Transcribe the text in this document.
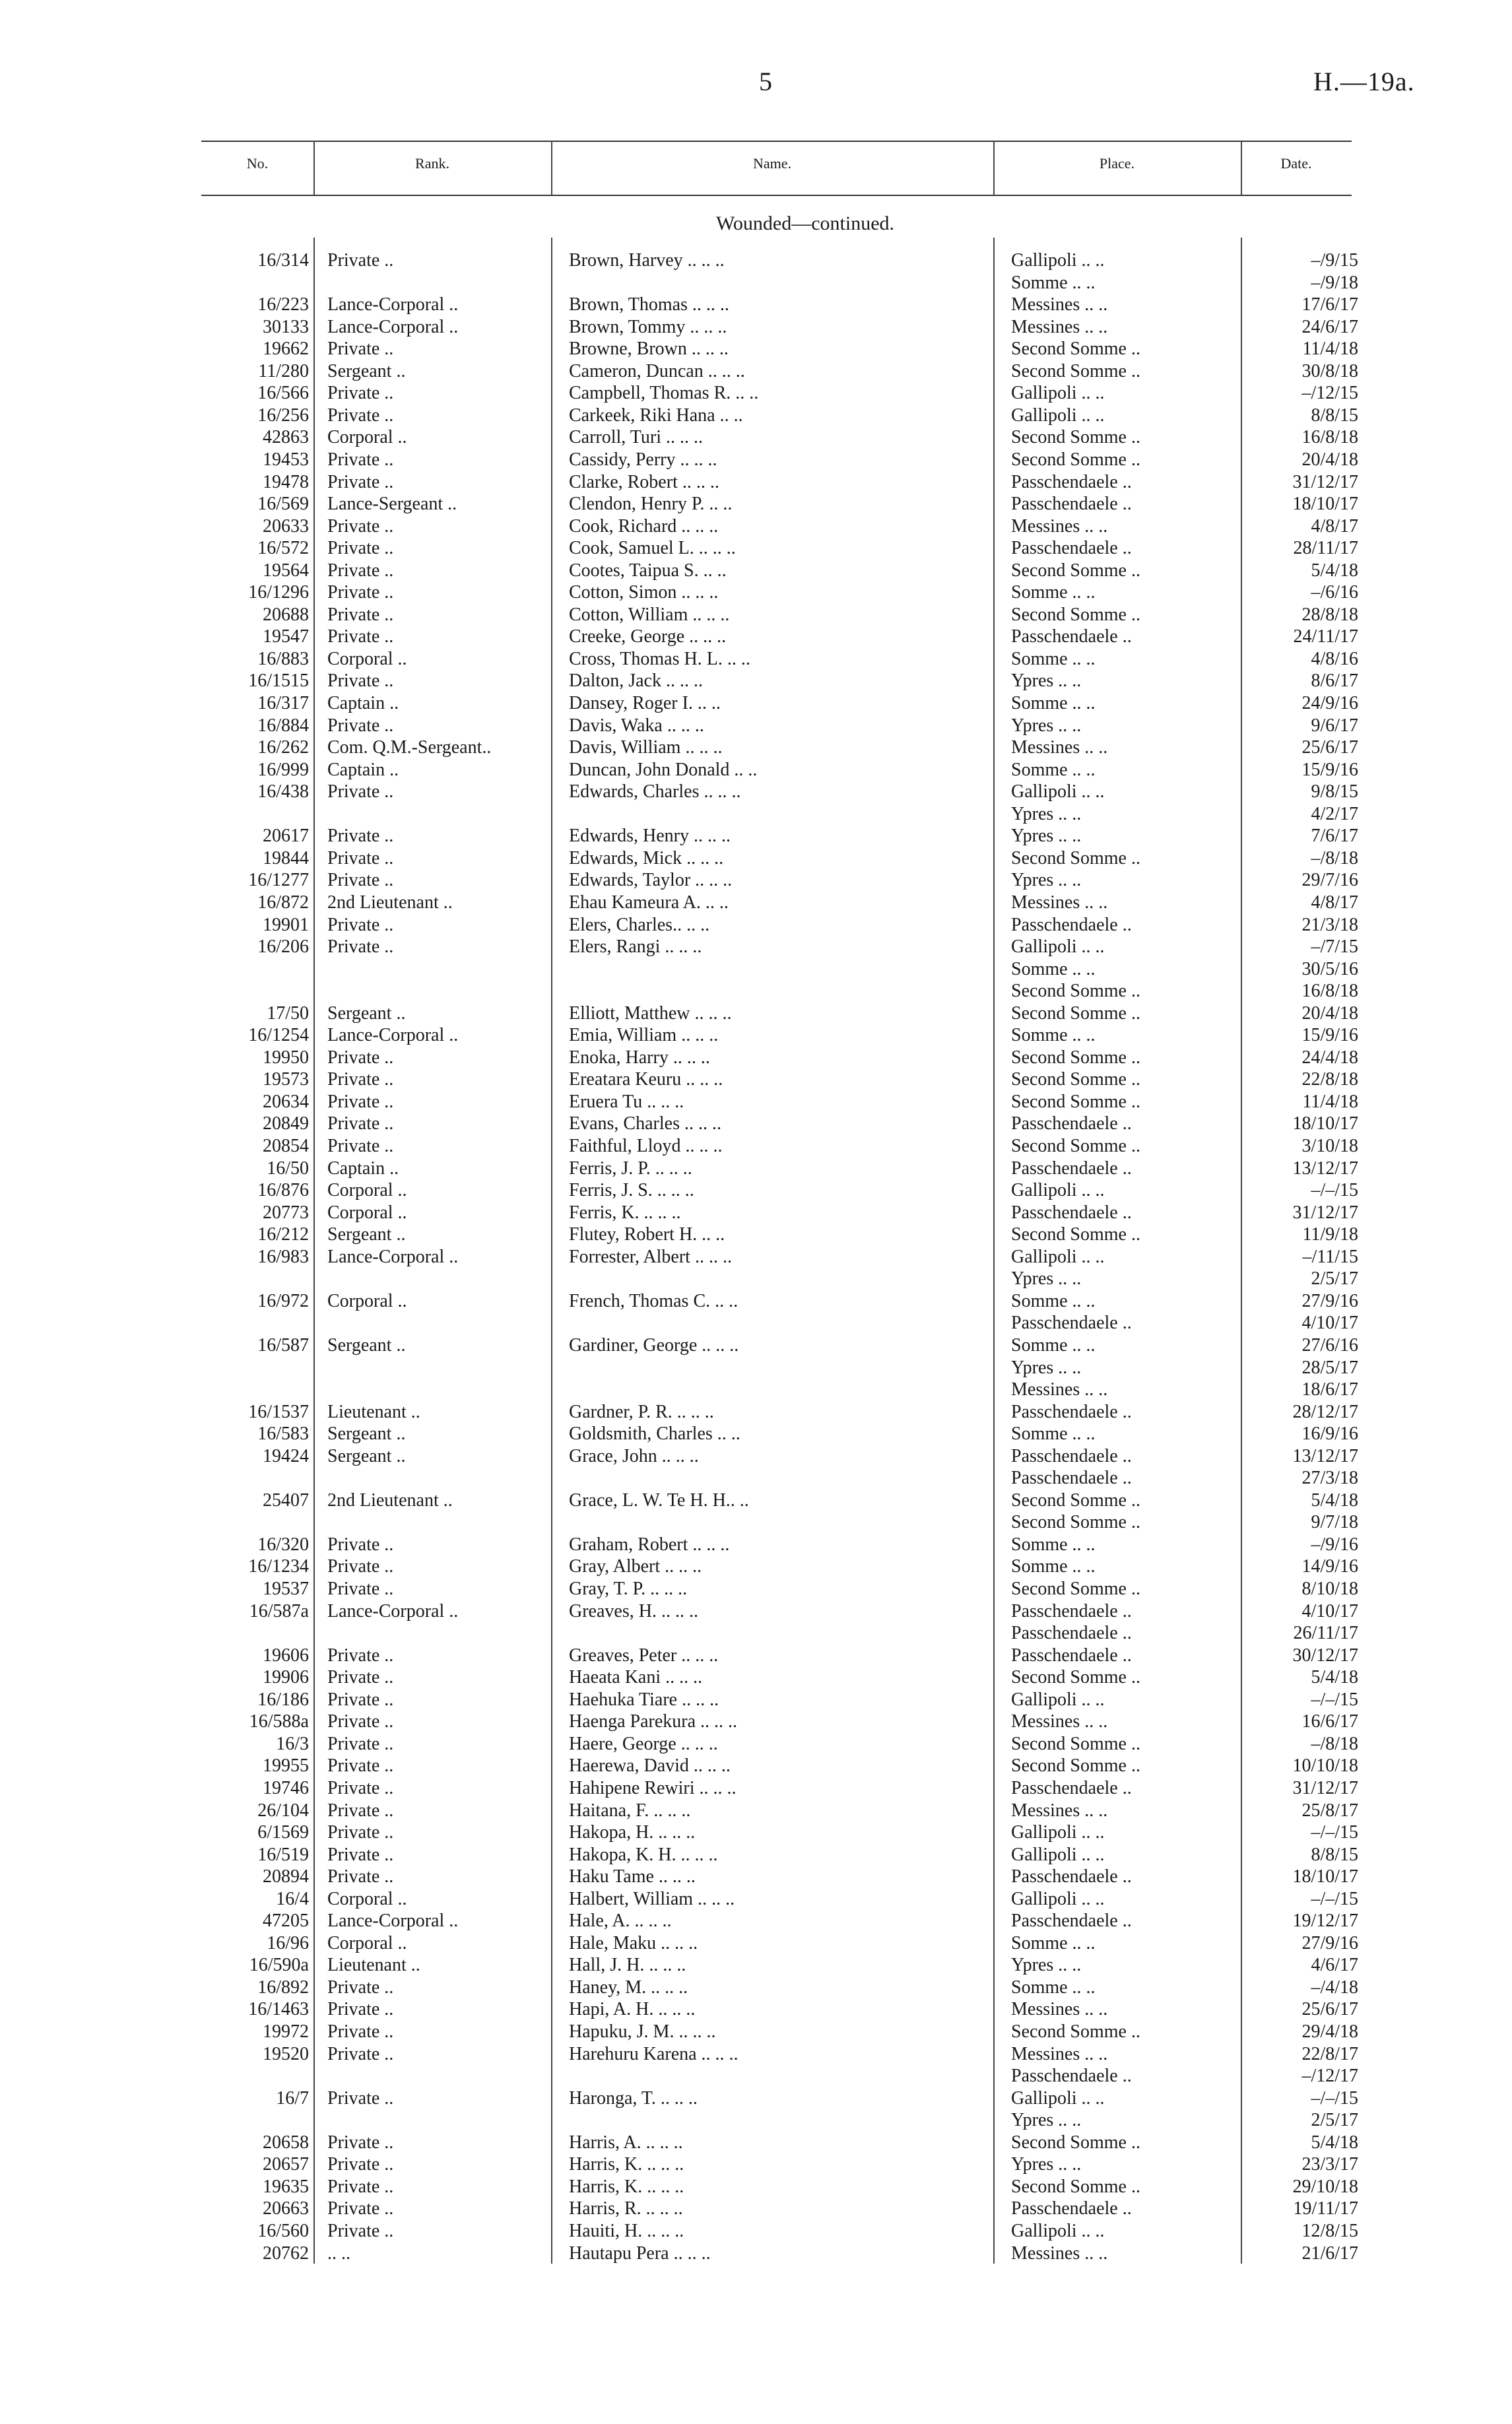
5	H.—19a.
No.	Rank.	Name.	Place.	Date.
Wounded—continued.
16/314 Private ..	Brown, Harvey .. .. ..	Gallipoli .. ..	–/9/15
Somme .. ..	–/9/18
16/223 Lance-Corporal ..	Brown, Thomas .. .. ..	Messines .. ..	17/6/17
30133 Lance-Corporal ..	Brown, Tommy .. .. ..	Messines .. ..	24/6/17
19662 Private ..	Browne, Brown .. .. ..	Second Somme ..	11/4/18
11/280 Sergeant ..	Cameron, Duncan .. .. ..	Second Somme ..	30/8/18
16/566 Private ..	Campbell, Thomas R. .. ..	Gallipoli .. ..	–/12/15
16/256 Private ..	Carkeek, Riki Hana .. ..	Gallipoli .. ..	8/8/15
42863 Corporal ..	Carroll, Turi .. .. ..	Second Somme ..	16/8/18
19453 Private ..	Cassidy, Perry .. .. ..	Second Somme ..	20/4/18
19478 Private ..	Clarke, Robert .. .. ..	Passchendaele ..	31/12/17
16/569 Lance-Sergeant ..	Clendon, Henry P. .. ..	Passchendaele ..	18/10/17
20633 Private ..	Cook, Richard .. .. ..	Messines .. ..	4/8/17
16/572 Private ..	Cook, Samuel L. .. .. ..	Passchendaele ..	28/11/17
19564 Private ..	Cootes, Taipua S. .. ..	Second Somme ..	5/4/18
16/1296 Private ..	Cotton, Simon .. .. ..	Somme .. ..	–/6/16
20688 Private ..	Cotton, William .. .. ..	Second Somme ..	28/8/18
19547 Private ..	Creeke, George .. .. ..	Passchendaele ..	24/11/17
16/883 Corporal ..	Cross, Thomas H. L. .. ..	Somme .. ..	4/8/16
16/1515 Private ..	Dalton, Jack .. .. ..	Ypres .. ..	8/6/17
16/317 Captain ..	Dansey, Roger I. .. ..	Somme .. ..	24/9/16
16/884 Private ..	Davis, Waka .. .. ..	Ypres .. ..	9/6/17
16/262 Com. Q.M.-Sergeant..	Davis, William .. .. ..	Messines .. ..	25/6/17
16/999 Captain ..	Duncan, John Donald .. ..	Somme .. ..	15/9/16
16/438 Private ..	Edwards, Charles .. .. ..	Gallipoli .. ..	9/8/15
Ypres .. ..	4/2/17
20617 Private ..	Edwards, Henry .. .. ..	Ypres .. ..	7/6/17
19844 Private ..	Edwards, Mick .. .. ..	Second Somme ..	–/8/18
16/1277 Private ..	Edwards, Taylor .. .. ..	Ypres .. ..	29/7/16
16/872 2nd Lieutenant ..	Ehau Kameura A. .. ..	Messines .. ..	4/8/17
19901 Private ..	Elers, Charles.. .. ..	Passchendaele ..	21/3/18
16/206 Private ..	Elers, Rangi .. .. ..	Gallipoli .. ..	–/7/15
Somme .. ..	30/5/16
Second Somme ..	16/8/18
17/50 Sergeant ..	Elliott, Matthew .. .. ..	Second Somme ..	20/4/18
16/1254 Lance-Corporal ..	Emia, William .. .. ..	Somme .. ..	15/9/16
19950 Private ..	Enoka, Harry .. .. ..	Second Somme ..	24/4/18
19573 Private ..	Ereatara Keuru .. .. ..	Second Somme ..	22/8/18
20634 Private ..	Eruera Tu .. .. ..	Second Somme ..	11/4/18
20849 Private ..	Evans, Charles .. .. ..	Passchendaele ..	18/10/17
20854 Private ..	Faithful, Lloyd .. .. ..	Second Somme ..	3/10/18
16/50 Captain ..	Ferris, J. P. .. .. ..	Passchendaele ..	13/12/17
16/876 Corporal ..	Ferris, J. S. .. .. ..	Gallipoli .. ..	–/–/15
20773 Corporal ..	Ferris, K. .. .. ..	Passchendaele ..	31/12/17
16/212 Sergeant ..	Flutey, Robert H. .. ..	Second Somme ..	11/9/18
16/983 Lance-Corporal ..	Forrester, Albert .. .. ..	Gallipoli .. ..	–/11/15
Ypres .. ..	2/5/17
16/972 Corporal ..	French, Thomas C. .. ..	Somme .. ..	27/9/16
Passchendaele ..	4/10/17
16/587 Sergeant ..	Gardiner, George .. .. ..	Somme .. ..	27/6/16
Ypres .. ..	28/5/17
Messines .. ..	18/6/17
16/1537 Lieutenant ..	Gardner, P. R. .. .. ..	Passchendaele ..	28/12/17
16/583 Sergeant ..	Goldsmith, Charles .. ..	Somme .. ..	16/9/16
19424 Sergeant ..	Grace, John .. .. ..	Passchendaele ..	13/12/17
Passchendaele ..	27/3/18
25407 2nd Lieutenant ..	Grace, L. W. Te H. H.. ..	Second Somme ..	5/4/18
Second Somme ..	9/7/18
16/320 Private ..	Graham, Robert .. .. ..	Somme .. ..	–/9/16
16/1234 Private ..	Gray, Albert .. .. ..	Somme .. ..	14/9/16
19537 Private ..	Gray, T. P. .. .. ..	Second Somme ..	8/10/18
16/587a Lance-Corporal ..	Greaves, H. .. .. ..	Passchendaele ..	4/10/17
Passchendaele ..	26/11/17
19606 Private ..	Greaves, Peter .. .. ..	Passchendaele ..	30/12/17
19906 Private ..	Haeata Kani .. .. ..	Second Somme ..	5/4/18
16/186 Private ..	Haehuka Tiare .. .. ..	Gallipoli .. ..	–/–/15
16/588a Private ..	Haenga Parekura .. .. ..	Messines .. ..	16/6/17
16/3 Private ..	Haere, George .. .. ..	Second Somme ..	–/8/18
19955 Private ..	Haerewa, David .. .. ..	Second Somme ..	10/10/18
19746 Private ..	Hahipene Rewiri .. .. ..	Passchendaele ..	31/12/17
26/104 Private ..	Haitana, F. .. .. ..	Messines .. ..	25/8/17
6/1569 Private ..	Hakopa, H. .. .. ..	Gallipoli .. ..	–/–/15
16/519 Private ..	Hakopa, K. H. .. .. ..	Gallipoli .. ..	8/8/15
20894 Private ..	Haku Tame .. .. ..	Passchendaele ..	18/10/17
16/4 Corporal ..	Halbert, William .. .. ..	Gallipoli .. ..	–/–/15
47205 Lance-Corporal ..	Hale, A. .. .. ..	Passchendaele ..	19/12/17
16/96 Corporal ..	Hale, Maku .. .. ..	Somme .. ..	27/9/16
16/590a Lieutenant ..	Hall, J. H. .. .. ..	Ypres .. ..	4/6/17
16/892 Private ..	Haney, M. .. .. ..	Somme .. ..	–/4/18
16/1463 Private ..	Hapi, A. H. .. .. ..	Messines .. ..	25/6/17
19972 Private ..	Hapuku, J. M. .. .. ..	Second Somme ..	29/4/18
19520 Private ..	Harehuru Karena .. .. ..	Messines .. ..	22/8/17
Passchendaele ..	–/12/17
16/7 Private ..	Haronga, T. .. .. ..	Gallipoli .. ..	–/–/15
Ypres .. ..	2/5/17
20658 Private ..	Harris, A. .. .. ..	Second Somme ..	5/4/18
20657 Private ..	Harris, K. .. .. ..	Ypres .. ..	23/3/17
19635 Private ..	Harris, K. .. .. ..	Second Somme ..	29/10/18
20663 Private ..	Harris, R. .. .. ..	Passchendaele ..	19/11/17
16/560 Private ..	Hauiti, H. .. .. ..	Gallipoli .. ..	12/8/15
20762 .. ..	Hautapu Pera .. .. ..	Messines .. ..	21/6/17
